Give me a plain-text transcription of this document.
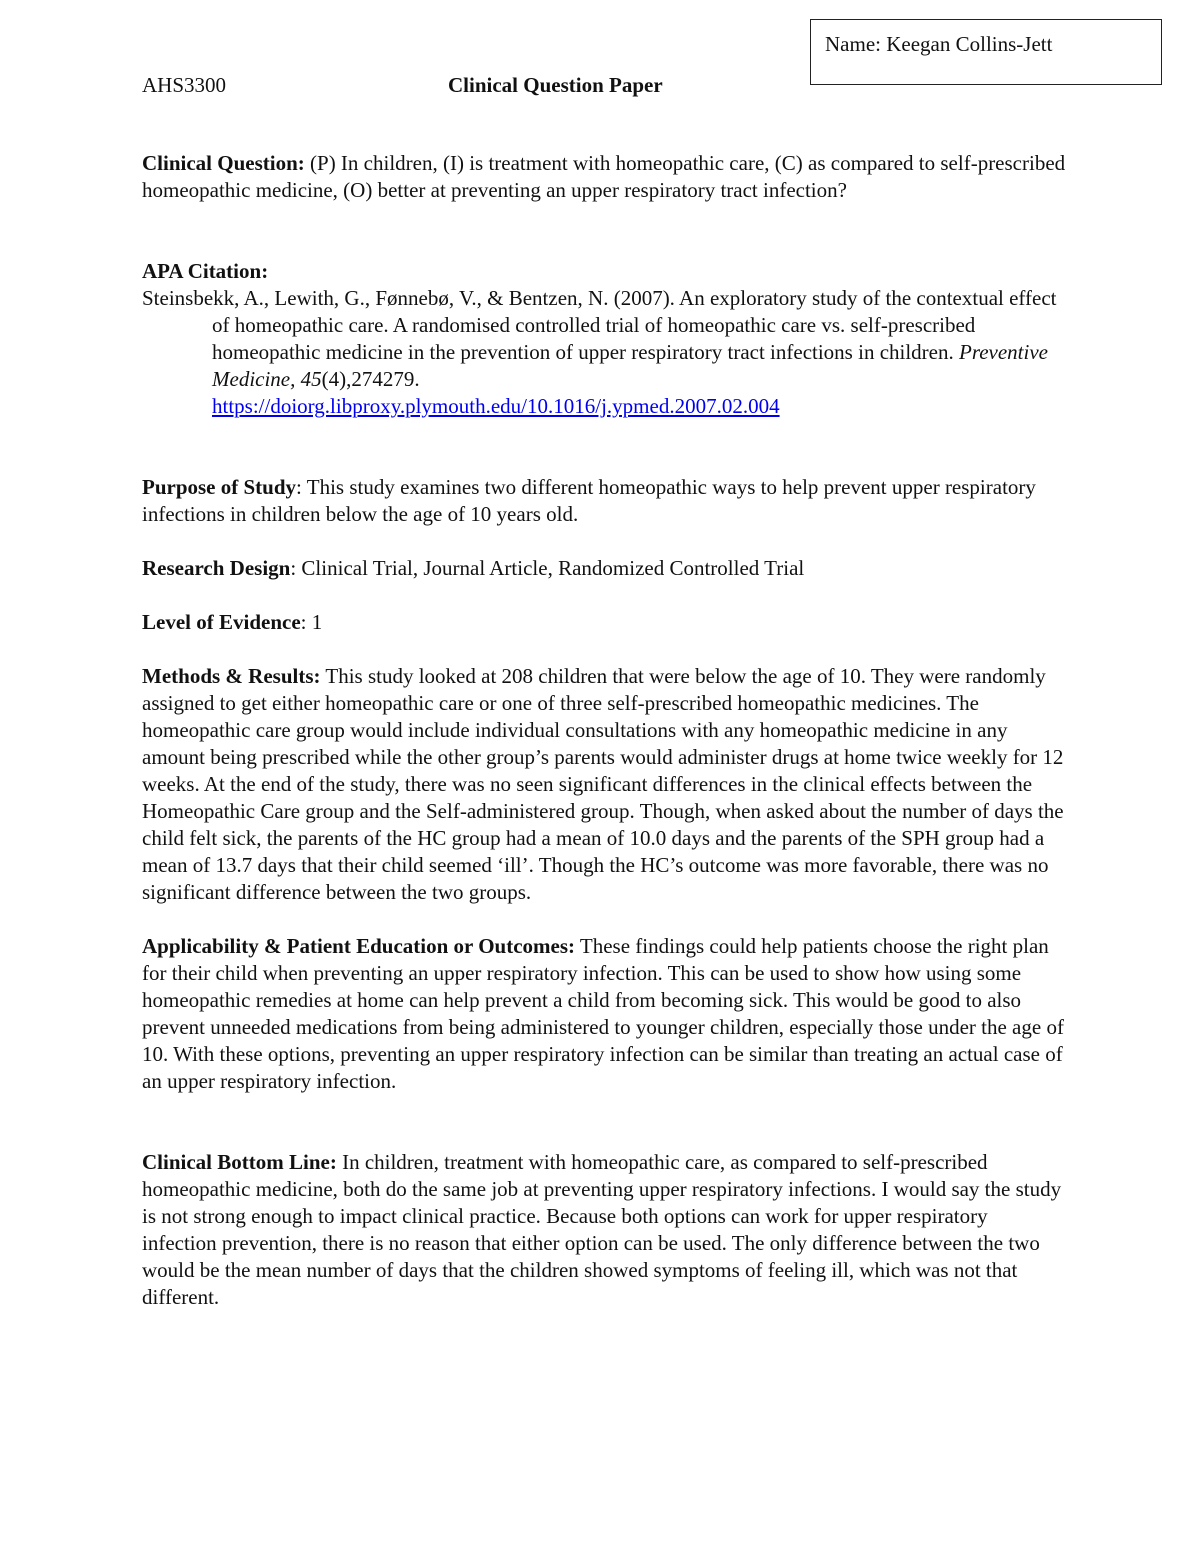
Name: Keegan Collins-Jett
AHS3300	Clinical Question Paper

Clinical Question: (P) In children, (I) is treatment with homeopathic care, (C) as compared to self-prescribed homeopathic medicine, (O) better at preventing an upper respiratory tract infection?

APA Citation:
Steinsbekk, A., Lewith, G., Fønnebø, V., & Bentzen, N. (2007). An exploratory study of the contextual effect of homeopathic care. A randomised controlled trial of homeopathic care vs. self-prescribed homeopathic medicine in the prevention of upper respiratory tract infections in children. Preventive Medicine, 45(4),274279.
https://doiorg.libproxy.plymouth.edu/10.1016/j.ypmed.2007.02.004

Purpose of Study: This study examines two different homeopathic ways to help prevent upper respiratory infections in children below the age of 10 years old.

Research Design: Clinical Trial, Journal Article, Randomized Controlled Trial

Level of Evidence: 1

Methods & Results: This study looked at 208 children that were below the age of 10. They were randomly assigned to get either homeopathic care or one of three self-prescribed homeopathic medicines. The homeopathic care group would include individual consultations with any homeopathic medicine in any amount being prescribed while the other group’s parents would administer drugs at home twice weekly for 12 weeks. At the end of the study, there was no seen significant differences in the clinical effects between the Homeopathic Care group and the Self-administered group. Though, when asked about the number of days the child felt sick, the parents of the HC group had a mean of 10.0 days and the parents of the SPH group had a mean of 13.7 days that their child seemed ‘ill’. Though the HC’s outcome was more favorable, there was no significant difference between the two groups.

Applicability & Patient Education or Outcomes: These findings could help patients choose the right plan for their child when preventing an upper respiratory infection. This can be used to show how using some homeopathic remedies at home can help prevent a child from becoming sick. This would be good to also prevent unneeded medications from being administered to younger children, especially those under the age of 10. With these options, preventing an upper respiratory infection can be similar than treating an actual case of an upper respiratory infection.

Clinical Bottom Line: In children, treatment with homeopathic care, as compared to self-prescribed homeopathic medicine, both do the same job at preventing upper respiratory infections. I would say the study is not strong enough to impact clinical practice. Because both options can work for upper respiratory infection prevention, there is no reason that either option can be used. The only difference between the two would be the mean number of days that the children showed symptoms of feeling ill, which was not that different.
